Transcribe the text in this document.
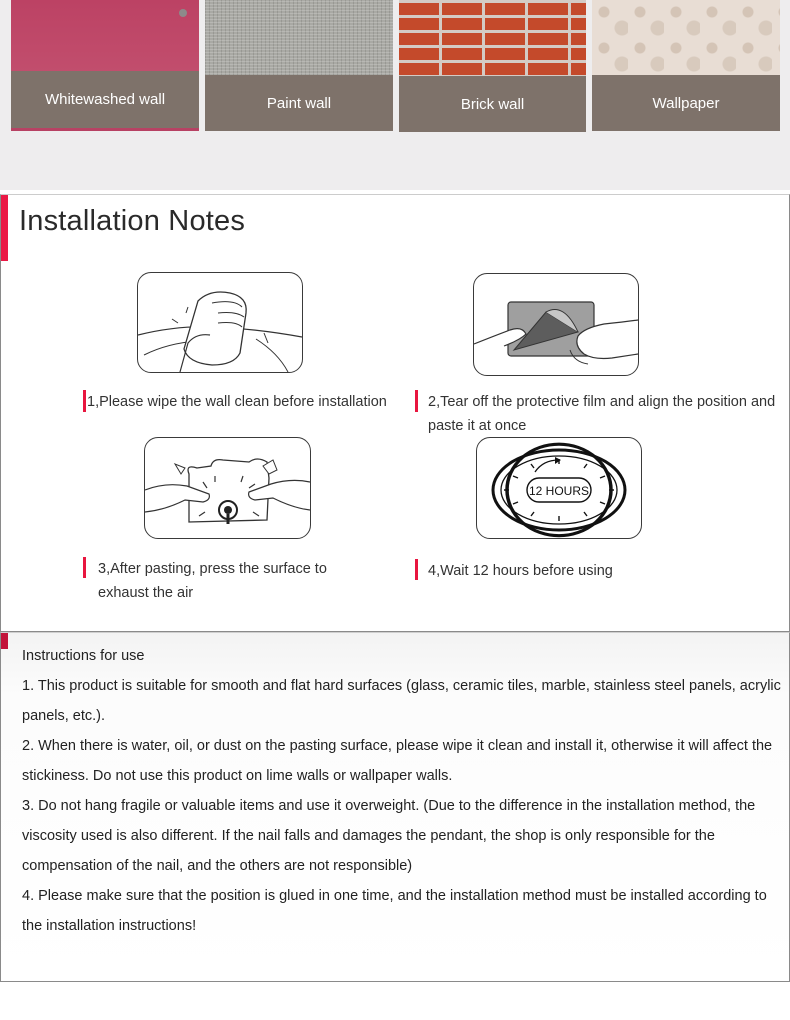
Whitewashed wall	Paint wall	Brick wall	Wallpaper
Installation Notes
1,Please wipe the wall clean before installation	2,Tear off the protective film and align the position and paste it at once
12 HOURS
3,After pasting, press the surface to exhaust the air
4,Wait 12 hours before using

Instructions for use

1. This product is suitable for smooth and flat hard surfaces (glass, ceramic tiles, marble, stainless steel panels, acrylic panels, etc.).

2. When there is water, oil, or dust on the pasting surface, please wipe it clean and install it, otherwise it will affect the stickiness. Do not use this product on lime walls or wallpaper walls.

3. Do not hang fragile or valuable items and use it overweight. (Due to the difference in the installation method, the viscosity used is also different. If the nail falls and damages the pendant, the shop is only responsible for the compensation of the nail, and the others are not responsible)

4. Please make sure that the position is glued in one time, and the installation method must be installed according to the installation instructions!
